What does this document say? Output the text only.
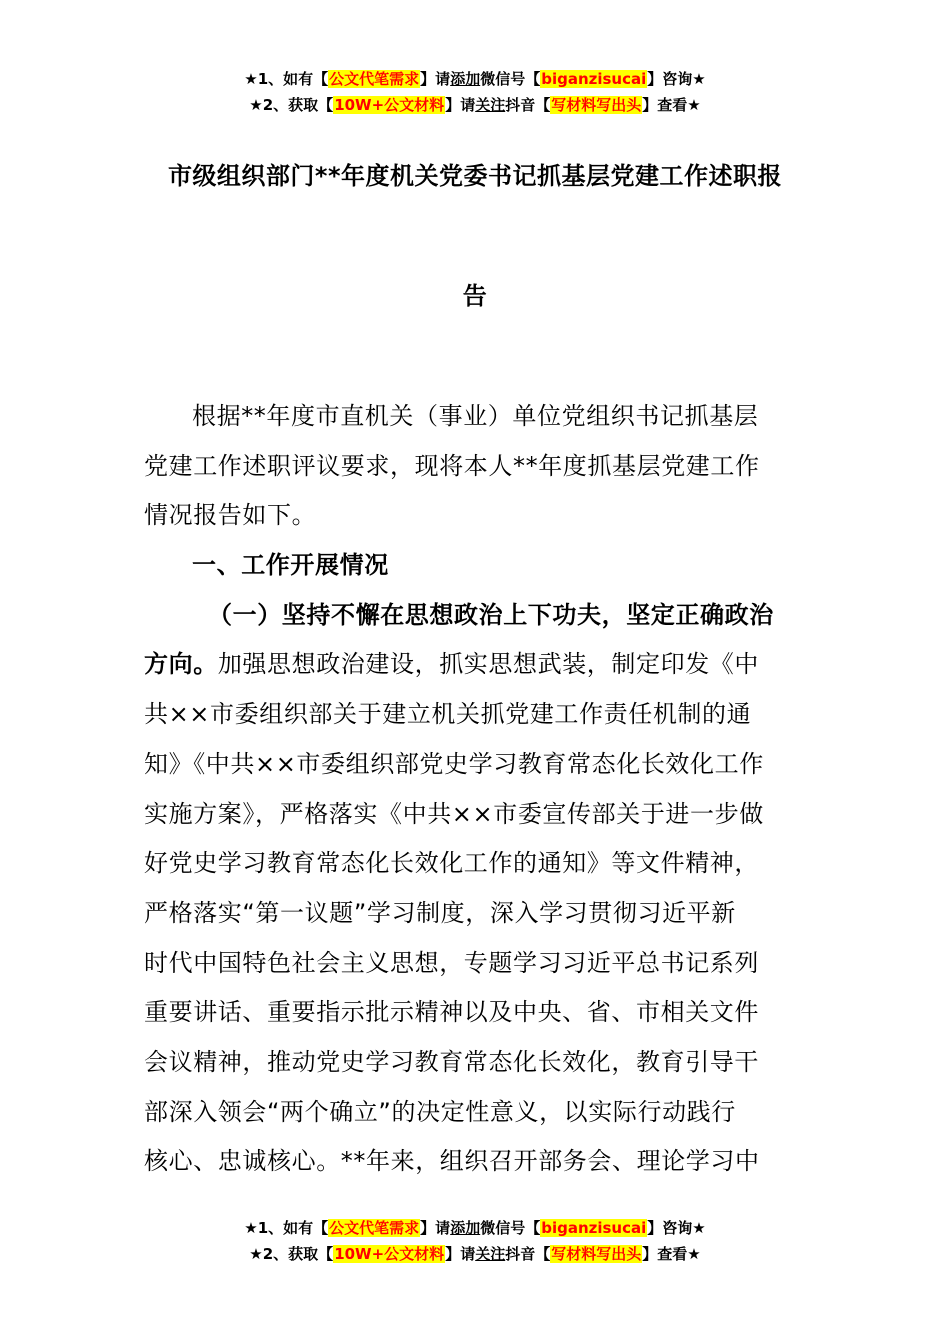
★1、如有【公文代笔需求】请添加微信号【biganzisucai】咨询★
★2、获取【10W+公文材料】请关注抖音【写材料写出头】查看★
市级组织部门**年度机关党委书记抓基层党建工作述职报
告
根据**年度市直机关（事业）单位党组织书记抓基层
党建工作述职评议要求，现将本人**年度抓基层党建工作
情况报告如下。
一、工作开展情况
（一）坚持不懈在思想政治上下功夫，坚定正确政治
方向。加强思想政治建设，抓实思想武装，制定印发《中
共××市委组织部关于建立机关抓党建工作责任机制的通
知》《中共××市委组织部党史学习教育常态化长效化工作
实施方案》，严格落实《中共××市委宣传部关于进一步做
好党史学习教育常态化长效化工作的通知》等文件精神，
严格落实“第一议题”学习制度，深入学习贯彻习近平新
时代中国特色社会主义思想，专题学习习近平总书记系列
重要讲话、重要指示批示精神以及中央、省、市相关文件
会议精神，推动党史学习教育常态化长效化，教育引导干
部深入领会“两个确立”的决定性意义，以实际行动践行
核心、忠诚核心。**年来，组织召开部务会、理论学习中
★1、如有【公文代笔需求】请添加微信号【biganzisucai】咨询★
★2、获取【10W+公文材料】请关注抖音【写材料写出头】查看★
